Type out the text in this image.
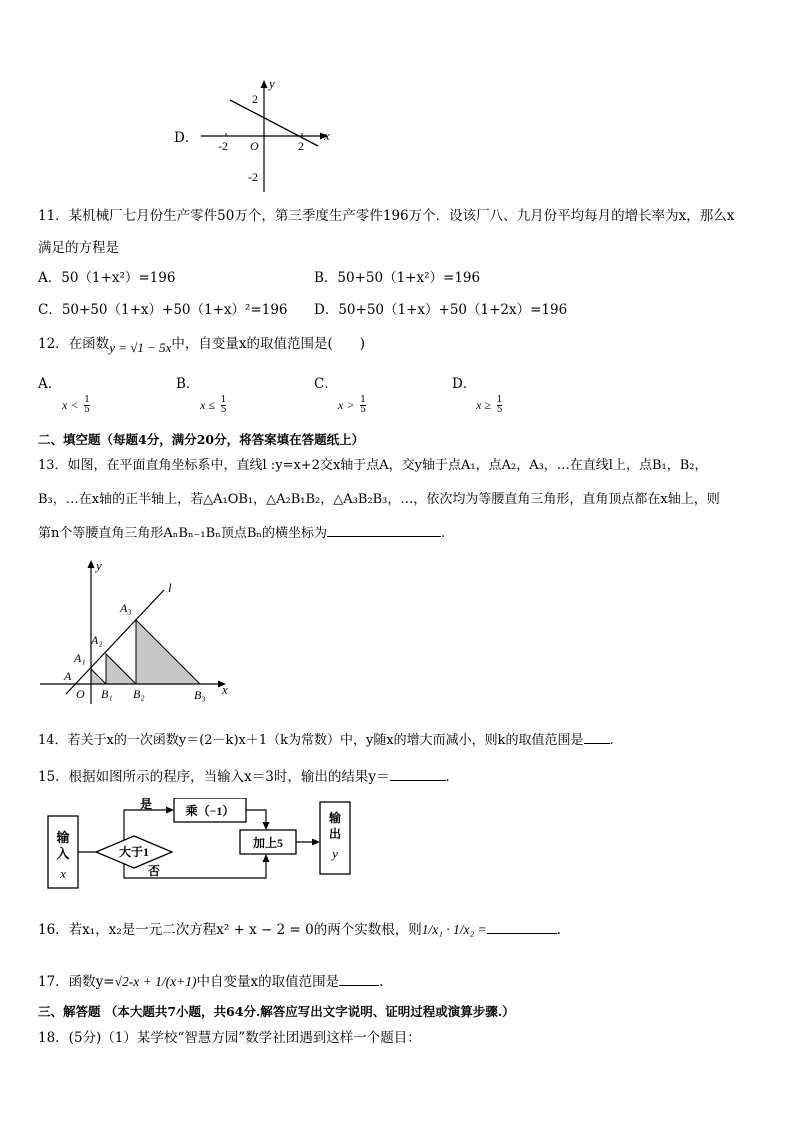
D．	x
y
O
-2	2
2
-2
11．某机械厂七月份生产零件50万个，第三季度生产零件196万个．设该厂八、九月份平均每月的增长率为x，那么x
满足的方程是
A．50（1+x²）=196	B．50+50（1+x²）=196
C．50+50（1+x）+50（1+x）²=196 D．50+50（1+x）+50（1+2x）=196
12．在函数y = √1 − 5x中，自变量x的取值范围是(　　)
A．
$x < \frac{1}{5}$
B．
$x \le \frac{1}{5}$
C．
$x > \frac{1}{5}$
D．
$x \ge \frac{1}{5}$
二、填空题（每题4分，满分20分，将答案填在答题纸上）
13．如图，在平面直角坐标系中，直线l :y=x+2交x轴于点A，交y轴于点A₁，点A₂，A₃，…在直线l上，点B₁，B₂，
B₃，…在x轴的正半轴上，若△A₁OB₁，△A₂B₁B₂，△A₃B₂B₃，…，依次均为等腰直角三角形，直角顶点都在x轴上，则
第n个等腰直角三角形AₙBₙ₋₁Bₙ顶点Bₙ的横坐标为	.
y
x
l
A
O
A₁
A₂
A₃
B₁ B₂	B₃
14．若关于x的一次函数y＝(2－k)x＋1（k为常数）中，y随x的增大而减小，则k的取值范围是 .
15．根据如图所示的程序，当输入x＝3时，输出的结果y＝	．
输
入
x
大于1
是	乘（−1）
否
加上5
输
出
y
16．若x₁，x₂是一元二次方程x² + x − 2 = 0的两个实数根，则1/x₁ · 1/x₂ =	．
17．函数y=√2-x + 1/(x+1)中自变量x的取值范围是	.
三、解答题 （本大题共7小题，共64分.解答应写出文字说明、证明过程或演算步骤.）
18．(5分)（1）某学校“智慧方园”数学社团遇到这样一个题目：
